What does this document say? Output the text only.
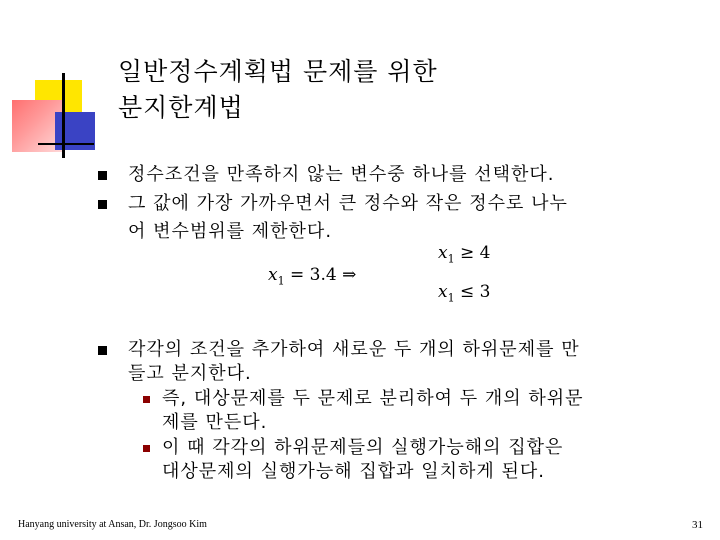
일반정수계획법 문제를 위한
분지한계법
정수조건을 만족하지 않는 변수중 하나를 선택한다.
그 값에 가장 가까우면서 큰 정수와 작은 정수로 나누
어 변수범위를 제한한다.
$x_1 = 3.4$ ⇒
$x_1 \ge 4$
$x_1 \le 3$
각각의 조건을 추가하여 새로운 두 개의 하위문제를 만
들고 분지한다.
즉, 대상문제를 두 문제로 분리하여 두 개의 하위문
제를 만든다.
이 때 각각의 하위문제들의 실행가능해의 집합은
대상문제의 실행가능해 집합과 일치하게 된다.
Hanyang university at Ansan, Dr. Jongsoo Kim	31
